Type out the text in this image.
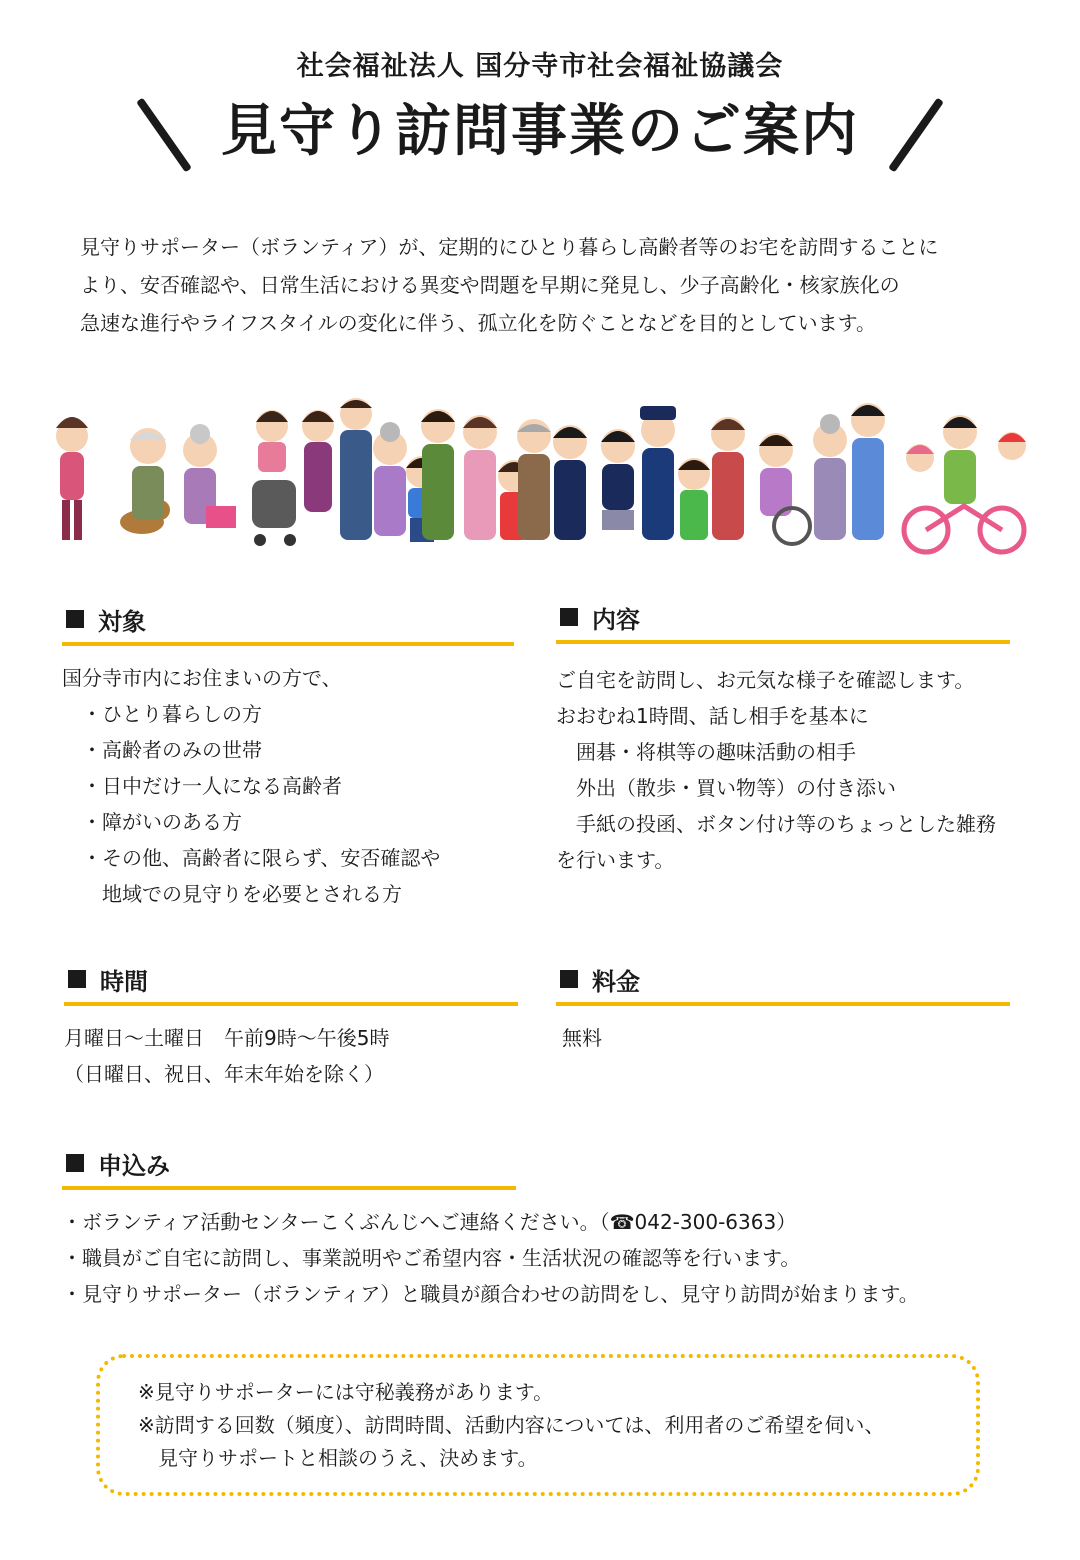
社会福祉法人 国分寺市社会福祉協議会
見守り訪問事業のご案内
見守りサポーター（ボランティア）が、定期的にひとり暮らし高齢者等のお宅を訪問することに
より、安否確認や、日常生活における異変や問題を早期に発見し、少子高齢化・核家族化の
急速な進行やライフスタイルの変化に伴う、孤立化を防ぐことなどを目的としています。
対象
国分寺市内にお住まいの方で、
　・ひとり暮らしの方
　・高齢者のみの世帯
　・日中だけ一人になる高齢者
　・障がいのある方
　・その他、高齢者に限らず、安否確認や
　　地域での見守りを必要とされる方
内容
ご自宅を訪問し、お元気な様子を確認します。
おおむね1時間、話し相手を基本に
　囲碁・将棋等の趣味活動の相手
　外出（散歩・買い物等）の付き添い
　手紙の投函、ボタン付け等のちょっとした雑務
を行います。
時間
月曜日～土曜日　午前9時～午後5時
（日曜日、祝日、年末年始を除く）
料金
無料
申込み
・ボランティア活動センターこくぶんじへご連絡ください。（☎042-300-6363）
・職員がご自宅に訪問し、事業説明やご希望内容・生活状況の確認等を行います。
・見守りサポーター（ボランティア）と職員が顔合わせの訪問をし、見守り訪問が始まります。
※見守りサポーターには守秘義務があります。
※訪問する回数（頻度）、訪問時間、活動内容については、利用者のご希望を伺い、
　見守りサポートと相談のうえ、決めます。
